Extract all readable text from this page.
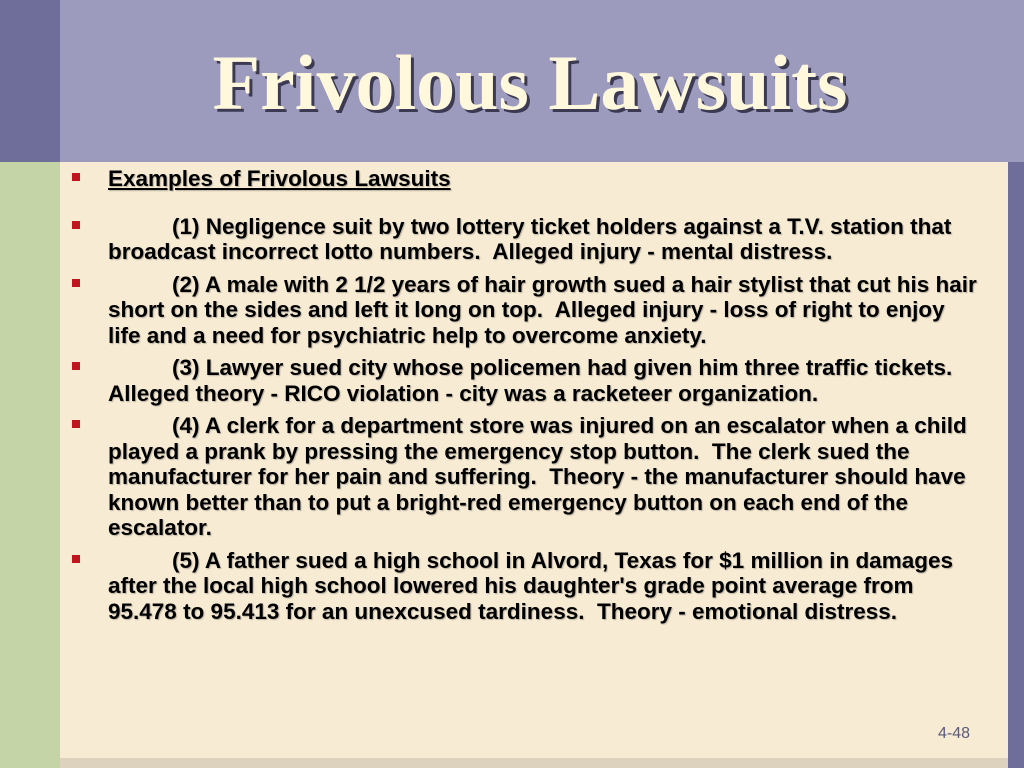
Frivolous Lawsuits
Examples of Frivolous Lawsuits
(1) Negligence suit by two lottery ticket holders against a T.V. station that broadcast incorrect lotto numbers.  Alleged injury - mental distress.
(2) A male with 2 1/2 years of hair growth sued a hair stylist that cut his hair short on the sides and left it long on top.  Alleged injury - loss of right to enjoy life and a need for psychiatric help to overcome anxiety.
(3) Lawyer sued city whose policemen had given him three traffic tickets.  Alleged theory - RICO violation - city was a racketeer organization.
(4) A clerk for a department store was injured on an escalator when a child played a prank by pressing the emergency stop button.  The clerk sued the manufacturer for her pain and suffering.  Theory - the manufacturer should have known better than to put a bright-red emergency button on each end of the escalator.
(5) A father sued a high school in Alvord, Texas for $1 million in damages after the local high school lowered his daughter's grade point average from 95.478 to 95.413 for an unexcused tardiness.  Theory - emotional distress.
4-48
